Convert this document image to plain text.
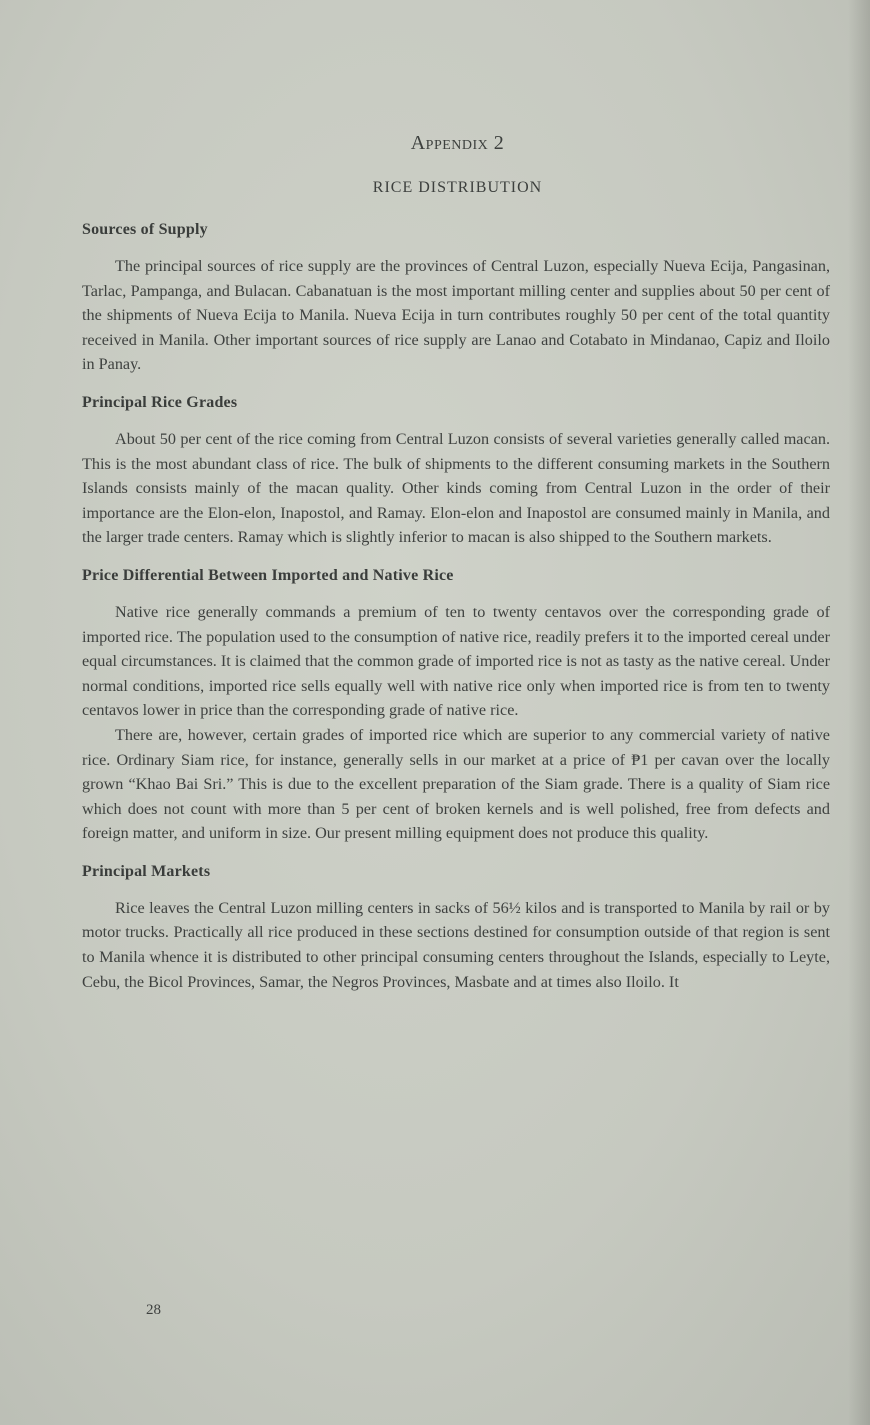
Appendix 2
RICE DISTRIBUTION
Sources of Supply

The principal sources of rice supply are the provinces of Central Luzon, especially Nueva Ecija, Pangasinan, Tarlac, Pampanga, and Bulacan. Cabanatuan is the most important milling center and supplies about 50 per cent of the shipments of Nueva Ecija to Manila. Nueva Ecija in turn contributes roughly 50 per cent of the total quantity received in Manila. Other important sources of rice supply are Lanao and Cotabato in Mindanao, Capiz and Iloilo in Panay.

Principal Rice Grades

About 50 per cent of the rice coming from Central Luzon consists of several varieties generally called macan. This is the most abundant class of rice. The bulk of shipments to the different consuming markets in the Southern Islands consists mainly of the macan quality. Other kinds coming from Central Luzon in the order of their importance are the Elon-elon, Inapostol, and Ramay. Elon-elon and Inapostol are consumed mainly in Manila, and the larger trade centers. Ramay which is slightly inferior to macan is also shipped to the Southern markets.

Price Differential Between Imported and Native Rice

Native rice generally commands a premium of ten to twenty centavos over the corresponding grade of imported rice. The population used to the consumption of native rice, readily prefers it to the imported cereal under equal circumstances. It is claimed that the common grade of imported rice is not as tasty as the native cereal. Under normal conditions, imported rice sells equally well with native rice only when imported rice is from ten to twenty centavos lower in price than the corresponding grade of native rice.

There are, however, certain grades of imported rice which are superior to any commercial variety of native rice. Ordinary Siam rice, for instance, generally sells in our market at a price of ₱1 per cavan over the locally grown “Khao Bai Sri.” This is due to the excellent preparation of the Siam grade. There is a quality of Siam rice which does not count with more than 5 per cent of broken kernels and is well polished, free from defects and foreign matter, and uniform in size. Our present milling equipment does not produce this quality.

Principal Markets

Rice leaves the Central Luzon milling centers in sacks of 56½ kilos and is transported to Manila by rail or by motor trucks. Practically all rice produced in these sections destined for consumption outside of that region is sent to Manila whence it is distributed to other principal consuming centers throughout the Islands, especially to Leyte, Cebu, the Bicol Provinces, Samar, the Negros Provinces, Masbate and at times also Iloilo. It

28
